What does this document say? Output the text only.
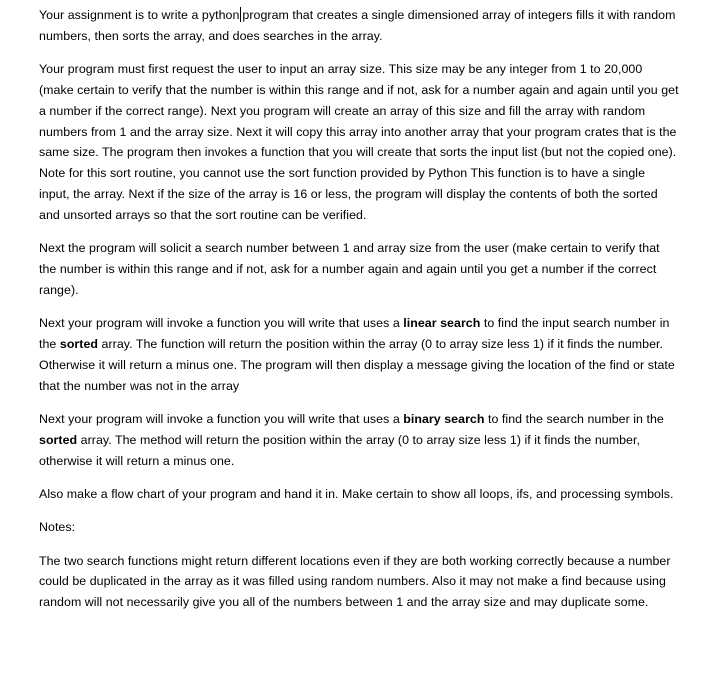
Your assignment is to write a python program that creates a single dimensioned array of integers fills it with random numbers, then sorts the array, and does searches in the array.

Your program must first request the user to input an array size. This size may be any integer from 1 to 20,000 (make certain to verify that the number is within this range and if not, ask for a number again and again until you get a number if the correct range). Next you program will create an array of this size and fill the array with random numbers from 1 and the array size. Next it will copy this array into another array that your program crates that is the same size. The program then invokes a function that you will create that sorts the input list (but not the copied one). Note for this sort routine, you cannot use the sort function provided by Python This function is to have a single input, the array. Next if the size of the array is 16 or less, the program will display the contents of both the sorted and unsorted arrays so that the sort routine can be verified.

Next the program will solicit a search number between 1 and array size from the user (make certain to verify that the number is within this range and if not, ask for a number again and again until you get a number if the correct range).

Next your program will invoke a function you will write that uses a linear search to find the input search number in the sorted array. The function will return the position within the array (0 to array size less 1) if it finds the number. Otherwise it will return a minus one. The program will then display a message giving the location of the find or state that the number was not in the array

Next your program will invoke a function you will write that uses a binary search to find the search number in the sorted array. The method will return the position within the array (0 to array size less 1) if it finds the number, otherwise it will return a minus one.

Also make a flow chart of your program and hand it in. Make certain to show all loops, ifs, and processing symbols.

Notes:

The two search functions might return different locations even if they are both working correctly because a number could be duplicated in the array as it was filled using random numbers. Also it may not make a find because using random will not necessarily give you all of the numbers between 1 and the array size and may duplicate some.
